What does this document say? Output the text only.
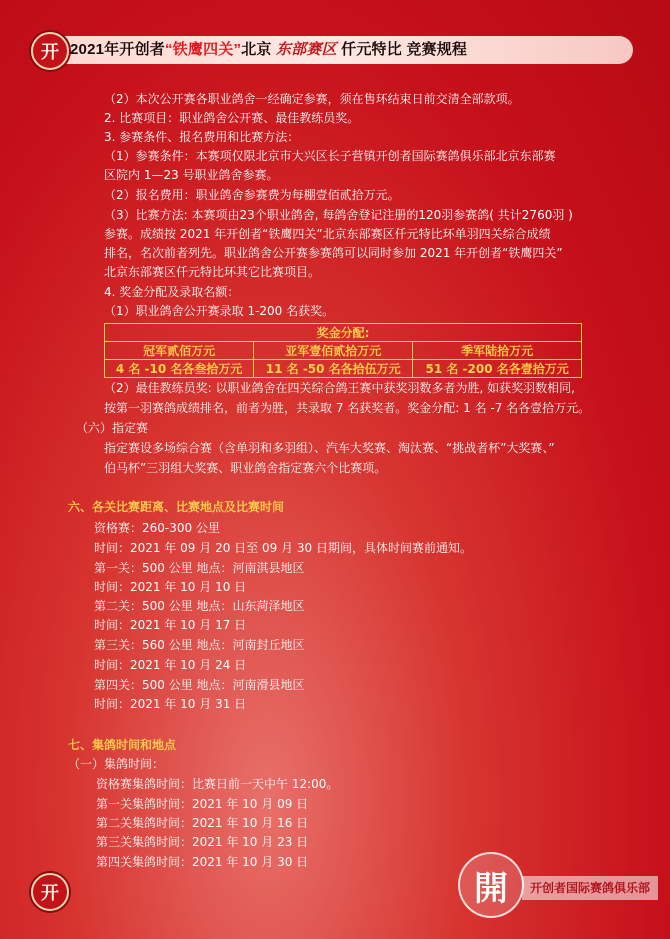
开 2021年开创者“铁鹰四关”北京 东部赛区 仟元特比 竞赛规程
（2）本次公开赛各职业鸽舍一经确定参赛，须在售环结束日前交清全部款项。
2. 比赛项目：职业鸽舍公开赛、最佳教练员奖。
3. 参赛条件、报名费用和比赛方法：
（1）参赛条件：本赛项仅限北京市大兴区长子营镇开创者国际赛鸽俱乐部北京东部赛
区院内 1—23 号职业鸽舍参赛。
（2）报名费用：职业鸽舍参赛费为每棚壹佰贰拾万元。
（3）比赛方法: 本赛项由23个职业鸽舍, 每鸽舍登记注册的120羽参赛鸽( 共计2760羽 )
参赛。成绩按 2021 年开创者“铁鹰四关”北京东部赛区仟元特比环单羽四关综合成绩
排名，名次前者列先。职业鸽舍公开赛参赛鸽可以同时参加 2021 年开创者“铁鹰四关”
北京东部赛区仟元特比环其它比赛项目。
4. 奖金分配及录取名额：
（1）职业鸽舍公开赛录取 1-200 名获奖。
奖金分配:		
冠军贰佰万元	亚军壹佰贰拾万元	季军陆拾万元
4 名 -10 名各叁拾万元	11 名 -50 名各拾伍万元	51 名 -200 名各壹拾万元
（2）最佳教练员奖: 以职业鸽舍在四关综合鸽王赛中获奖羽数多者为胜, 如获奖羽数相同,
按第一羽赛鸽成绩排名，前者为胜，共录取 7 名获奖者。奖金分配: 1 名 -7 名各壹拾万元。
（六）指定赛
指定赛设多场综合赛（含单羽和多羽组）、汽车大奖赛、淘汰赛、“挑战者杯”大奖赛、”
伯马杯”三羽组大奖赛、职业鸽舍指定赛六个比赛项。
六、各关比赛距离、比赛地点及比赛时间
资格赛：260-300 公里
时间：2021 年 09 月 20 日至 09 月 30 日期间，具体时间赛前通知。
第一关：500 公里 地点：河南淇县地区
时间：2021 年 10 月 10 日
第二关：500 公里 地点：山东菏泽地区
时间：2021 年 10 月 17 日
第三关：560 公里 地点：河南封丘地区
时间：2021 年 10 月 24 日
第四关：500 公里 地点：河南滑县地区
时间：2021 年 10 月 31 日
七、集鸽时间和地点
（一）集鸽时间：
资格赛集鸽时间：比赛日前一天中午 12:00。
第一关集鸽时间：2021 年 10 月 09 日
第二关集鸽时间：2021 年 10 月 16 日
第三关集鸽时间：2021 年 10 月 23 日
第四关集鸽时间：2021 年 10 月 30 日
开	開	开创者国际赛鸽俱乐部
